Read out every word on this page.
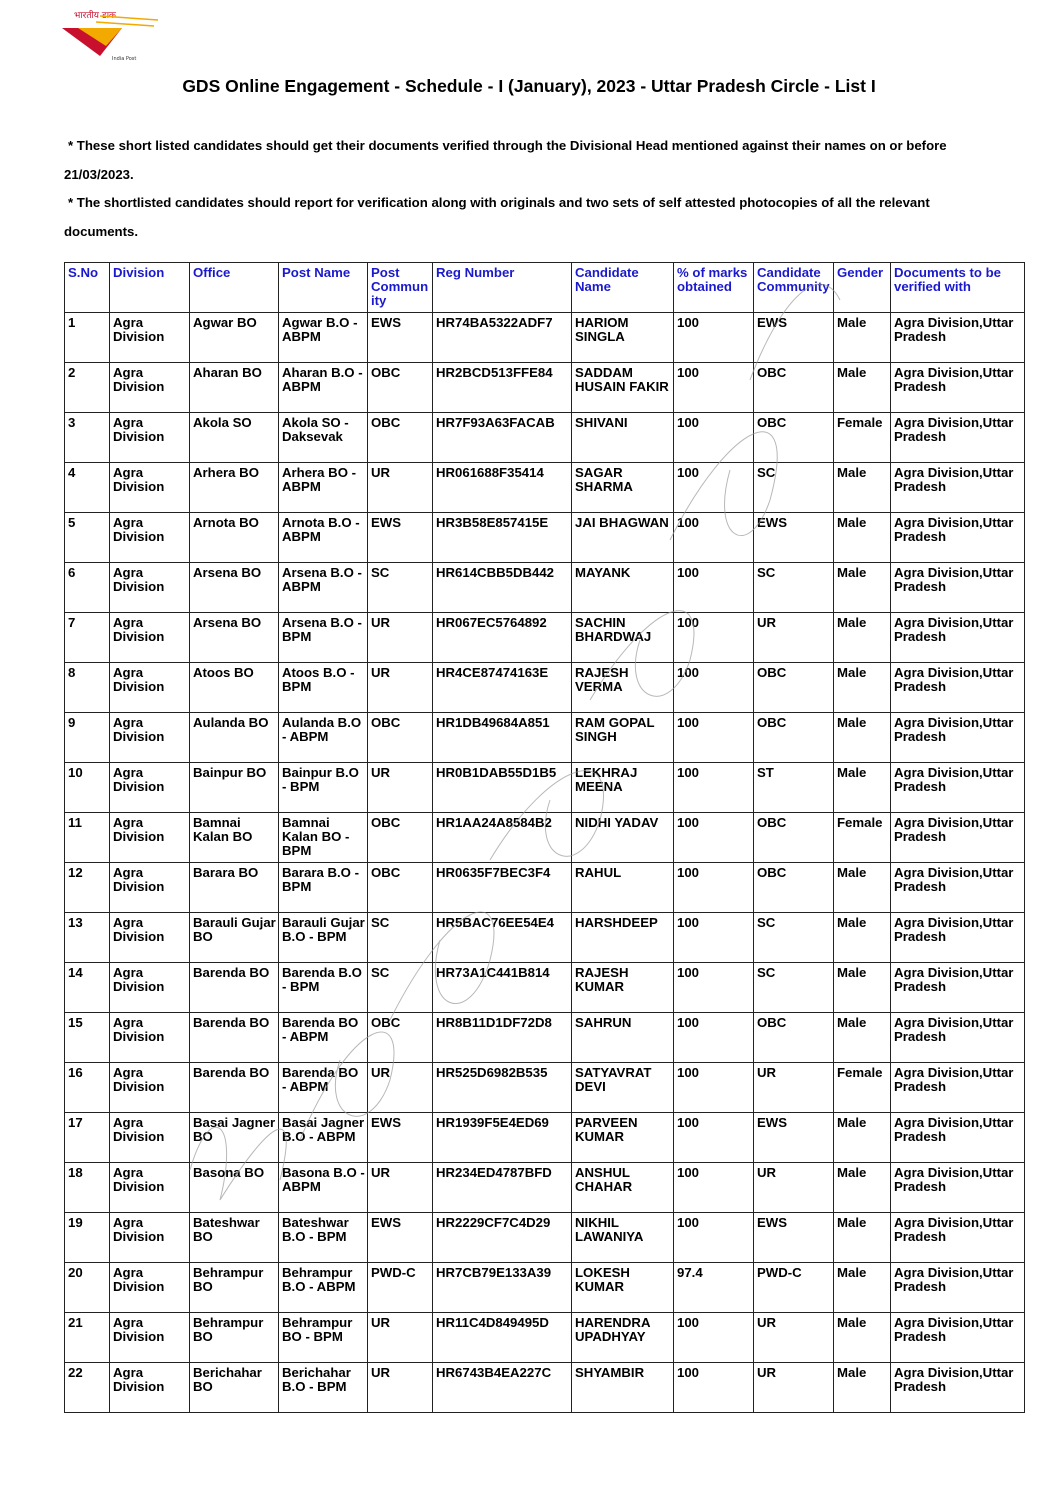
भारतीय डाक
India Post
GDS Online Engagement - Schedule - I (January), 2023 - Uttar Pradesh Circle - List I

* These short listed candidates should get their documents verified through the Divisional Head mentioned against their names on or before 21/03/2023.

* The shortlisted candidates should report for verification along with originals and two sets of self attested photocopies of all the relevant documents.

S.No	Division	Office	Post Name	Post Community	Reg Number	Candidate Name	% of marks obtained	Candidate Community	Gender	Documents to be verified with
1	Agra Division	Agwar BO	Agwar B.O - ABPM	EWS	HR74BA5322ADF7	HARIOM SINGLA	100	EWS	Male	Agra Division,Uttar Pradesh
2	Agra Division	Aharan BO	Aharan B.O - ABPM	OBC	HR2BCD513FFE84	SADDAM HUSAIN FAKIR	100	OBC	Male	Agra Division,Uttar Pradesh
3	Agra Division	Akola SO	Akola SO - Daksevak	OBC	HR7F93A63FACAB	SHIVANI	100	OBC	Female	Agra Division,Uttar Pradesh
4	Agra Division	Arhera BO	Arhera BO - ABPM	UR	HR061688F35414	SAGAR SHARMA	100	SC	Male	Agra Division,Uttar Pradesh
5	Agra Division	Arnota BO	Arnota B.O - ABPM	EWS	HR3B58E857415E	JAI BHAGWAN	100	EWS	Male	Agra Division,Uttar Pradesh
6	Agra Division	Arsena BO	Arsena B.O - ABPM	SC	HR614CBB5DB442	MAYANK	100	SC	Male	Agra Division,Uttar Pradesh
7	Agra Division	Arsena BO	Arsena B.O - BPM	UR	HR067EC5764892	SACHIN BHARDWAJ	100	UR	Male	Agra Division,Uttar Pradesh
8	Agra Division	Atoos BO	Atoos B.O - BPM	UR	HR4CE87474163E	RAJESH VERMA	100	OBC	Male	Agra Division,Uttar Pradesh
9	Agra Division	Aulanda BO	Aulanda B.O - ABPM	OBC	HR1DB49684A851	RAM GOPAL SINGH	100	OBC	Male	Agra Division,Uttar Pradesh
10	Agra Division	Bainpur BO	Bainpur B.O - BPM	UR	HR0B1DAB55D1B5	LEKHRAJ MEENA	100	ST	Male	Agra Division,Uttar Pradesh
11	Agra Division	Bamnai Kalan BO	Bamnai Kalan BO - BPM	OBC	HR1AA24A8584B2	NIDHI YADAV	100	OBC	Female	Agra Division,Uttar Pradesh
12	Agra Division	Barara BO	Barara B.O - BPM	OBC	HR0635F7BEC3F4	RAHUL	100	OBC	Male	Agra Division,Uttar Pradesh
13	Agra Division	Barauli Gujar BO	Barauli Gujar B.O - BPM	SC	HR5BAC76EE54E4	HARSHDEEP	100	SC	Male	Agra Division,Uttar Pradesh
14	Agra Division	Barenda BO	Barenda B.O - BPM	SC	HR73A1C441B814	RAJESH KUMAR	100	SC	Male	Agra Division,Uttar Pradesh
15	Agra Division	Barenda BO	Barenda BO - ABPM	OBC	HR8B11D1DF72D8	SAHRUN	100	OBC	Male	Agra Division,Uttar Pradesh
16	Agra Division	Barenda BO	Barenda BO - ABPM	UR	HR525D6982B535	SATYAVRAT DEVI	100	UR	Female	Agra Division,Uttar Pradesh
17	Agra Division	Basai Jagner BO	Basai Jagner B.O - ABPM	EWS	HR1939F5E4ED69	PARVEEN KUMAR	100	EWS	Male	Agra Division,Uttar Pradesh
18	Agra Division	Basona BO	Basona B.O - ABPM	UR	HR234ED4787BFD	ANSHUL CHAHAR	100	UR	Male	Agra Division,Uttar Pradesh
19	Agra Division	Bateshwar BO	Bateshwar B.O - BPM	EWS	HR2229CF7C4D29	NIKHIL LAWANIYA	100	EWS	Male	Agra Division,Uttar Pradesh
20	Agra Division	Behrampur BO	Behrampur B.O - ABPM	PWD-C	HR7CB79E133A39	LOKESH KUMAR	97.4	PWD-C	Male	Agra Division,Uttar Pradesh
21	Agra Division	Behrampur BO	Behrampur BO - BPM	UR	HR11C4D849495D	HARENDRA UPADHYAY	100	UR	Male	Agra Division,Uttar Pradesh
22	Agra Division	Berichahar BO	Berichahar B.O - BPM	UR	HR6743B4EA227C	SHYAMBIR	100	UR	Male	Agra Division,Uttar Pradesh
